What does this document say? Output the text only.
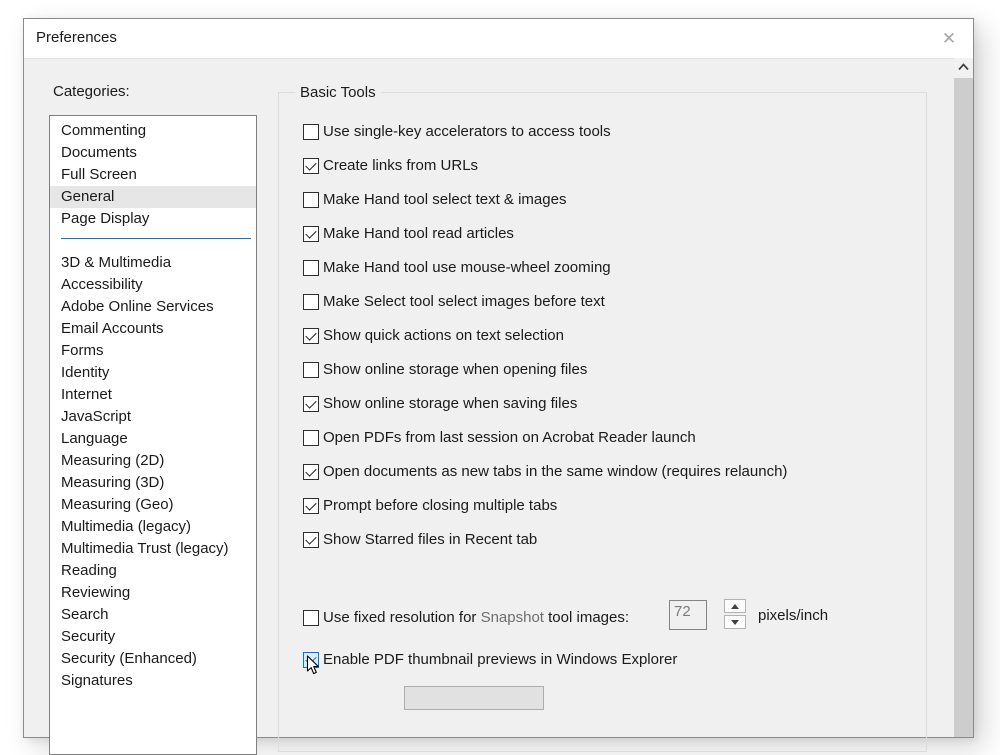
Preferences	✕
Categories:
Commenting
Documents
Full Screen
General
Page Display
3D & Multimedia
Accessibility
Adobe Online Services
Email Accounts
Forms
Identity
Internet
JavaScript
Language
Measuring (2D)
Measuring (3D)
Measuring (Geo)
Multimedia (legacy)
Multimedia Trust (legacy)
Reading
Reviewing
Search
Security
Security (Enhanced)
Signatures
Basic Tools
Use fixed resolution for Snapshot tool images:	72	pixels/inch
Enable PDF thumbnail previews in Windows Explorer
Use single-key accelerators to access tools
Create links from URLs
Make Hand tool select text & images
Make Hand tool read articles
Make Hand tool use mouse-wheel zooming
Make Select tool select images before text
Show quick actions on text selection
Show online storage when opening files
Show online storage when saving files
Open PDFs from last session on Acrobat Reader launch
Open documents as new tabs in the same window (requires relaunch)
Prompt before closing multiple tabs
Show Starred files in Recent tab
